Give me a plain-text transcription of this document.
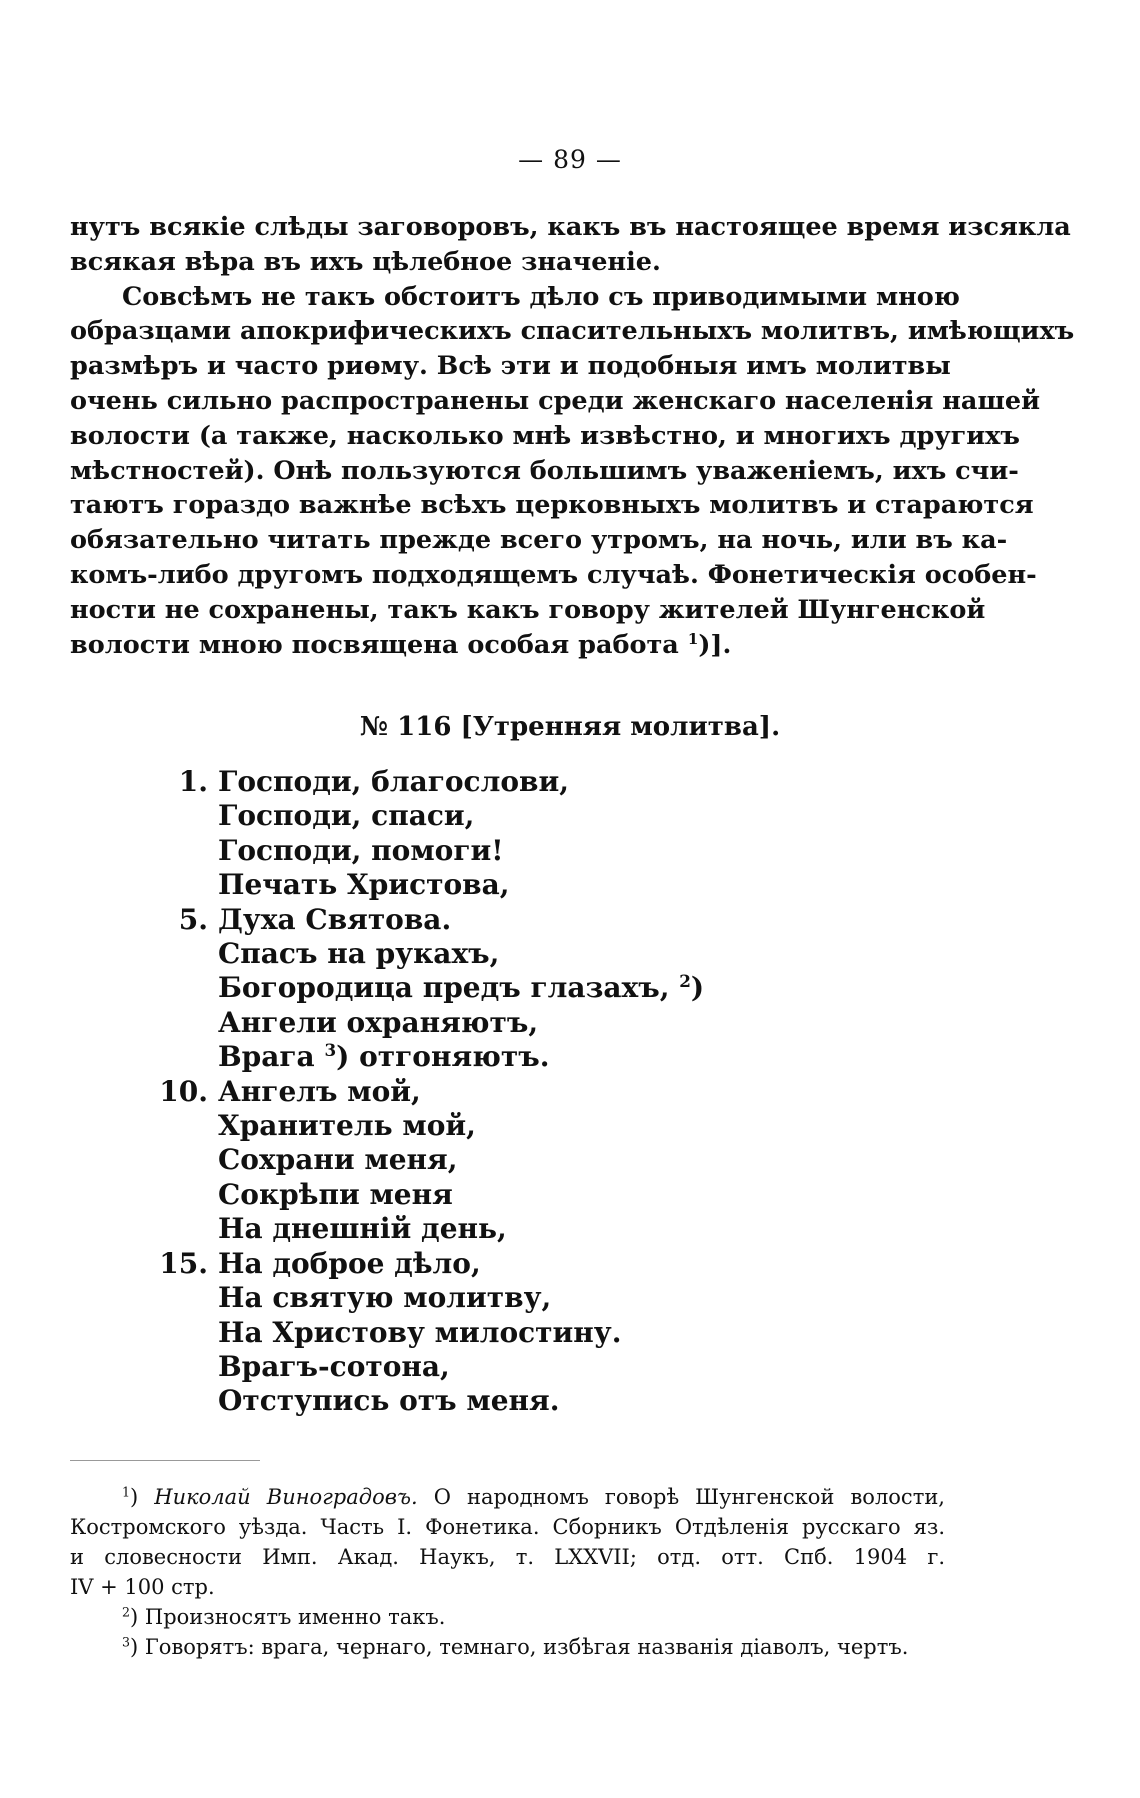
— 89 —
нутъ всякіе слѣды заговоровъ, какъ въ настоящее время изсякла
всякая вѣра въ ихъ цѣлебное значеніе.
Совсѣмъ не такъ обстоитъ дѣло съ приводимыми мною
образцами апокрифическихъ спасительныхъ молитвъ, имѣющихъ
размѣръ и часто риѳму. Всѣ эти и подобныя имъ молитвы
очень сильно распространены среди женскаго населенія нашей
волости (а также, насколько мнѣ извѣстно, и многихъ другихъ
мѣстностей). Онѣ пользуются большимъ уваженіемъ, ихъ счи-
таютъ гораздо важнѣе всѣхъ церковныхъ молитвъ и стараются
обязательно читать прежде всего утромъ, на ночь, или въ ка-
комъ-либо другомъ подходящемъ случаѣ. Фонетическія особен-
ности не сохранены, такъ какъ говору жителей Шунгенской
волости мною посвящена особая работа $^1$)].
№ 116 [Утренняя молитва].
1. Господи, благослови,
Господи, спаси,
Господи, помоги!
Печать Христова,
5. Духа Святова.
Спасъ на рукахъ,
Богородица предъ глазахъ, $^2$)
Ангели охраняютъ,
Врага $^3$) отгоняютъ.
10. Ангелъ мой,
Хранитель мой,
Сохрани меня,
Сокрѣпи меня
На днешній день,
15. На доброе дѣло,
На святую молитву,
На Христову милостину.
Врагъ-сотона,
Отступись отъ меня.
$^1$) Николай Виноградовъ. О народномъ говорѣ Шунгенской волости,
Костромского уѣзда. Часть I. Фонетика. Сборникъ Отдѣленія русскаго яз.
и словесности Имп. Акад. Наукъ, т. LXXVII; отд. отт. Спб. 1904 г.
IV + 100 стр.
$^2$) Произносятъ именно такъ.
$^3$) Говорятъ: врага, чернаго, темнаго, избѣгая названія діаволъ, чертъ.
